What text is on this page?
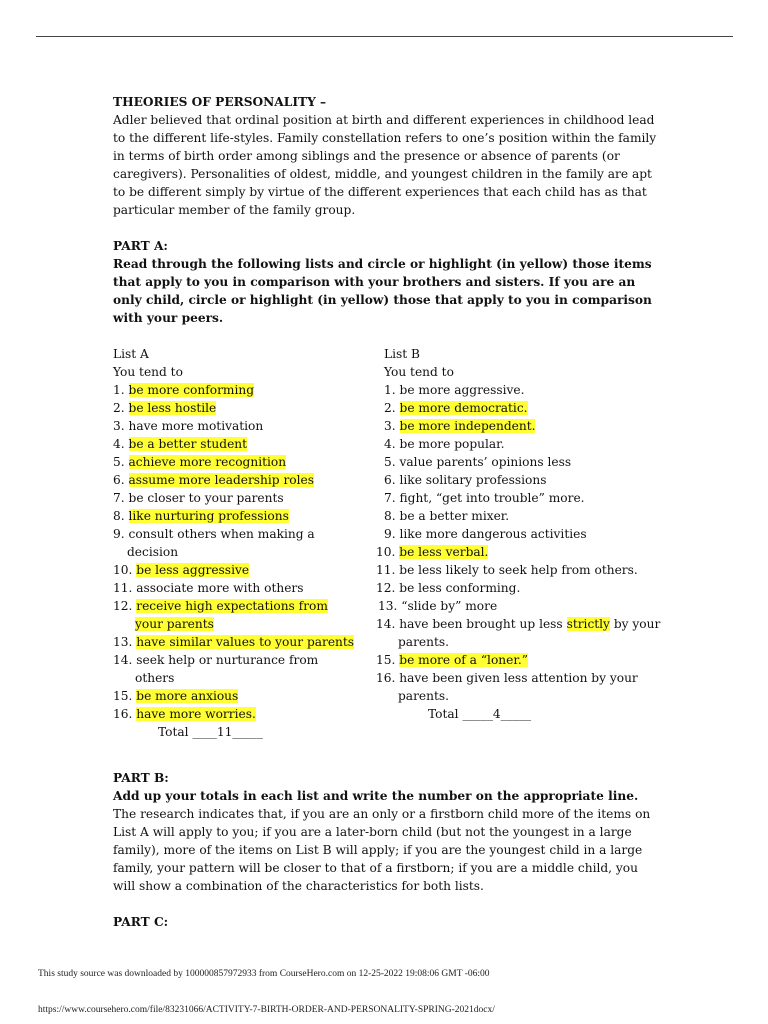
THEORIES OF PERSONALITY –

Adler believed that ordinal position at birth and different experiences in childhood lead to the different life-styles. Family constellation refers to one’s position within the family in terms of birth order among siblings and the presence or absence of parents (or caregivers). Personalities of oldest, middle, and youngest children in the family are apt to be different simply by virtue of the different experiences that each child has as that particular member of the family group.

PART A:

Read through the following lists and circle or highlight (in yellow) those items that apply to you in comparison with your brothers and sisters. If you are an only child, circle or highlight (in yellow) those that apply to you in comparison with your peers.

List A
You tend to
1. be more conforming
2. be less hostile
3. have more motivation
4. be a better student
5. achieve more recognition
6. assume more leadership roles
7. be closer to your parents
8. like nurturing professions
9. consult others when making a
decision
10. be less aggressive
11. associate more with others
12. receive high expectations from
your parents
13. have similar values to your parents
14. seek help or nurturance from
others
15. be more anxious
16. have more worries.
Total ____11_____
List B
You tend to
1. be more aggressive.
2. be more democratic.
3. be more independent.
4. be more popular.
5. value parents’ opinions less
6. like solitary professions
7. fight, “get into trouble” more.
8. be a better mixer.
9. like more dangerous activities
10. be less verbal.
11. be less likely to seek help from others.
12. be less conforming.
13. “slide by” more
14. have been brought up less strictly by your
parents.
15. be more of a “loner.”
16. have been given less attention by your
parents.
Total _____4_____

PART B:

Add up your totals in each list and write the number on the appropriate line.

The research indicates that, if you are an only or a firstborn child more of the items on List A will apply to you; if you are a later-born child (but not the youngest in a large family), more of the items on List B will apply; if you are the youngest child in a large family, your pattern will be closer to that of a firstborn; if you are a middle child, you will show a combination of the characteristics for both lists.

PART C:

This study source was downloaded by 100000857972933 from CourseHero.com on 12-25-2022 19:08:06 GMT -06:00
https://www.coursehero.com/file/83231066/ACTIVITY-7-BIRTH-ORDER-AND-PERSONALITY-SPRING-2021docx/
